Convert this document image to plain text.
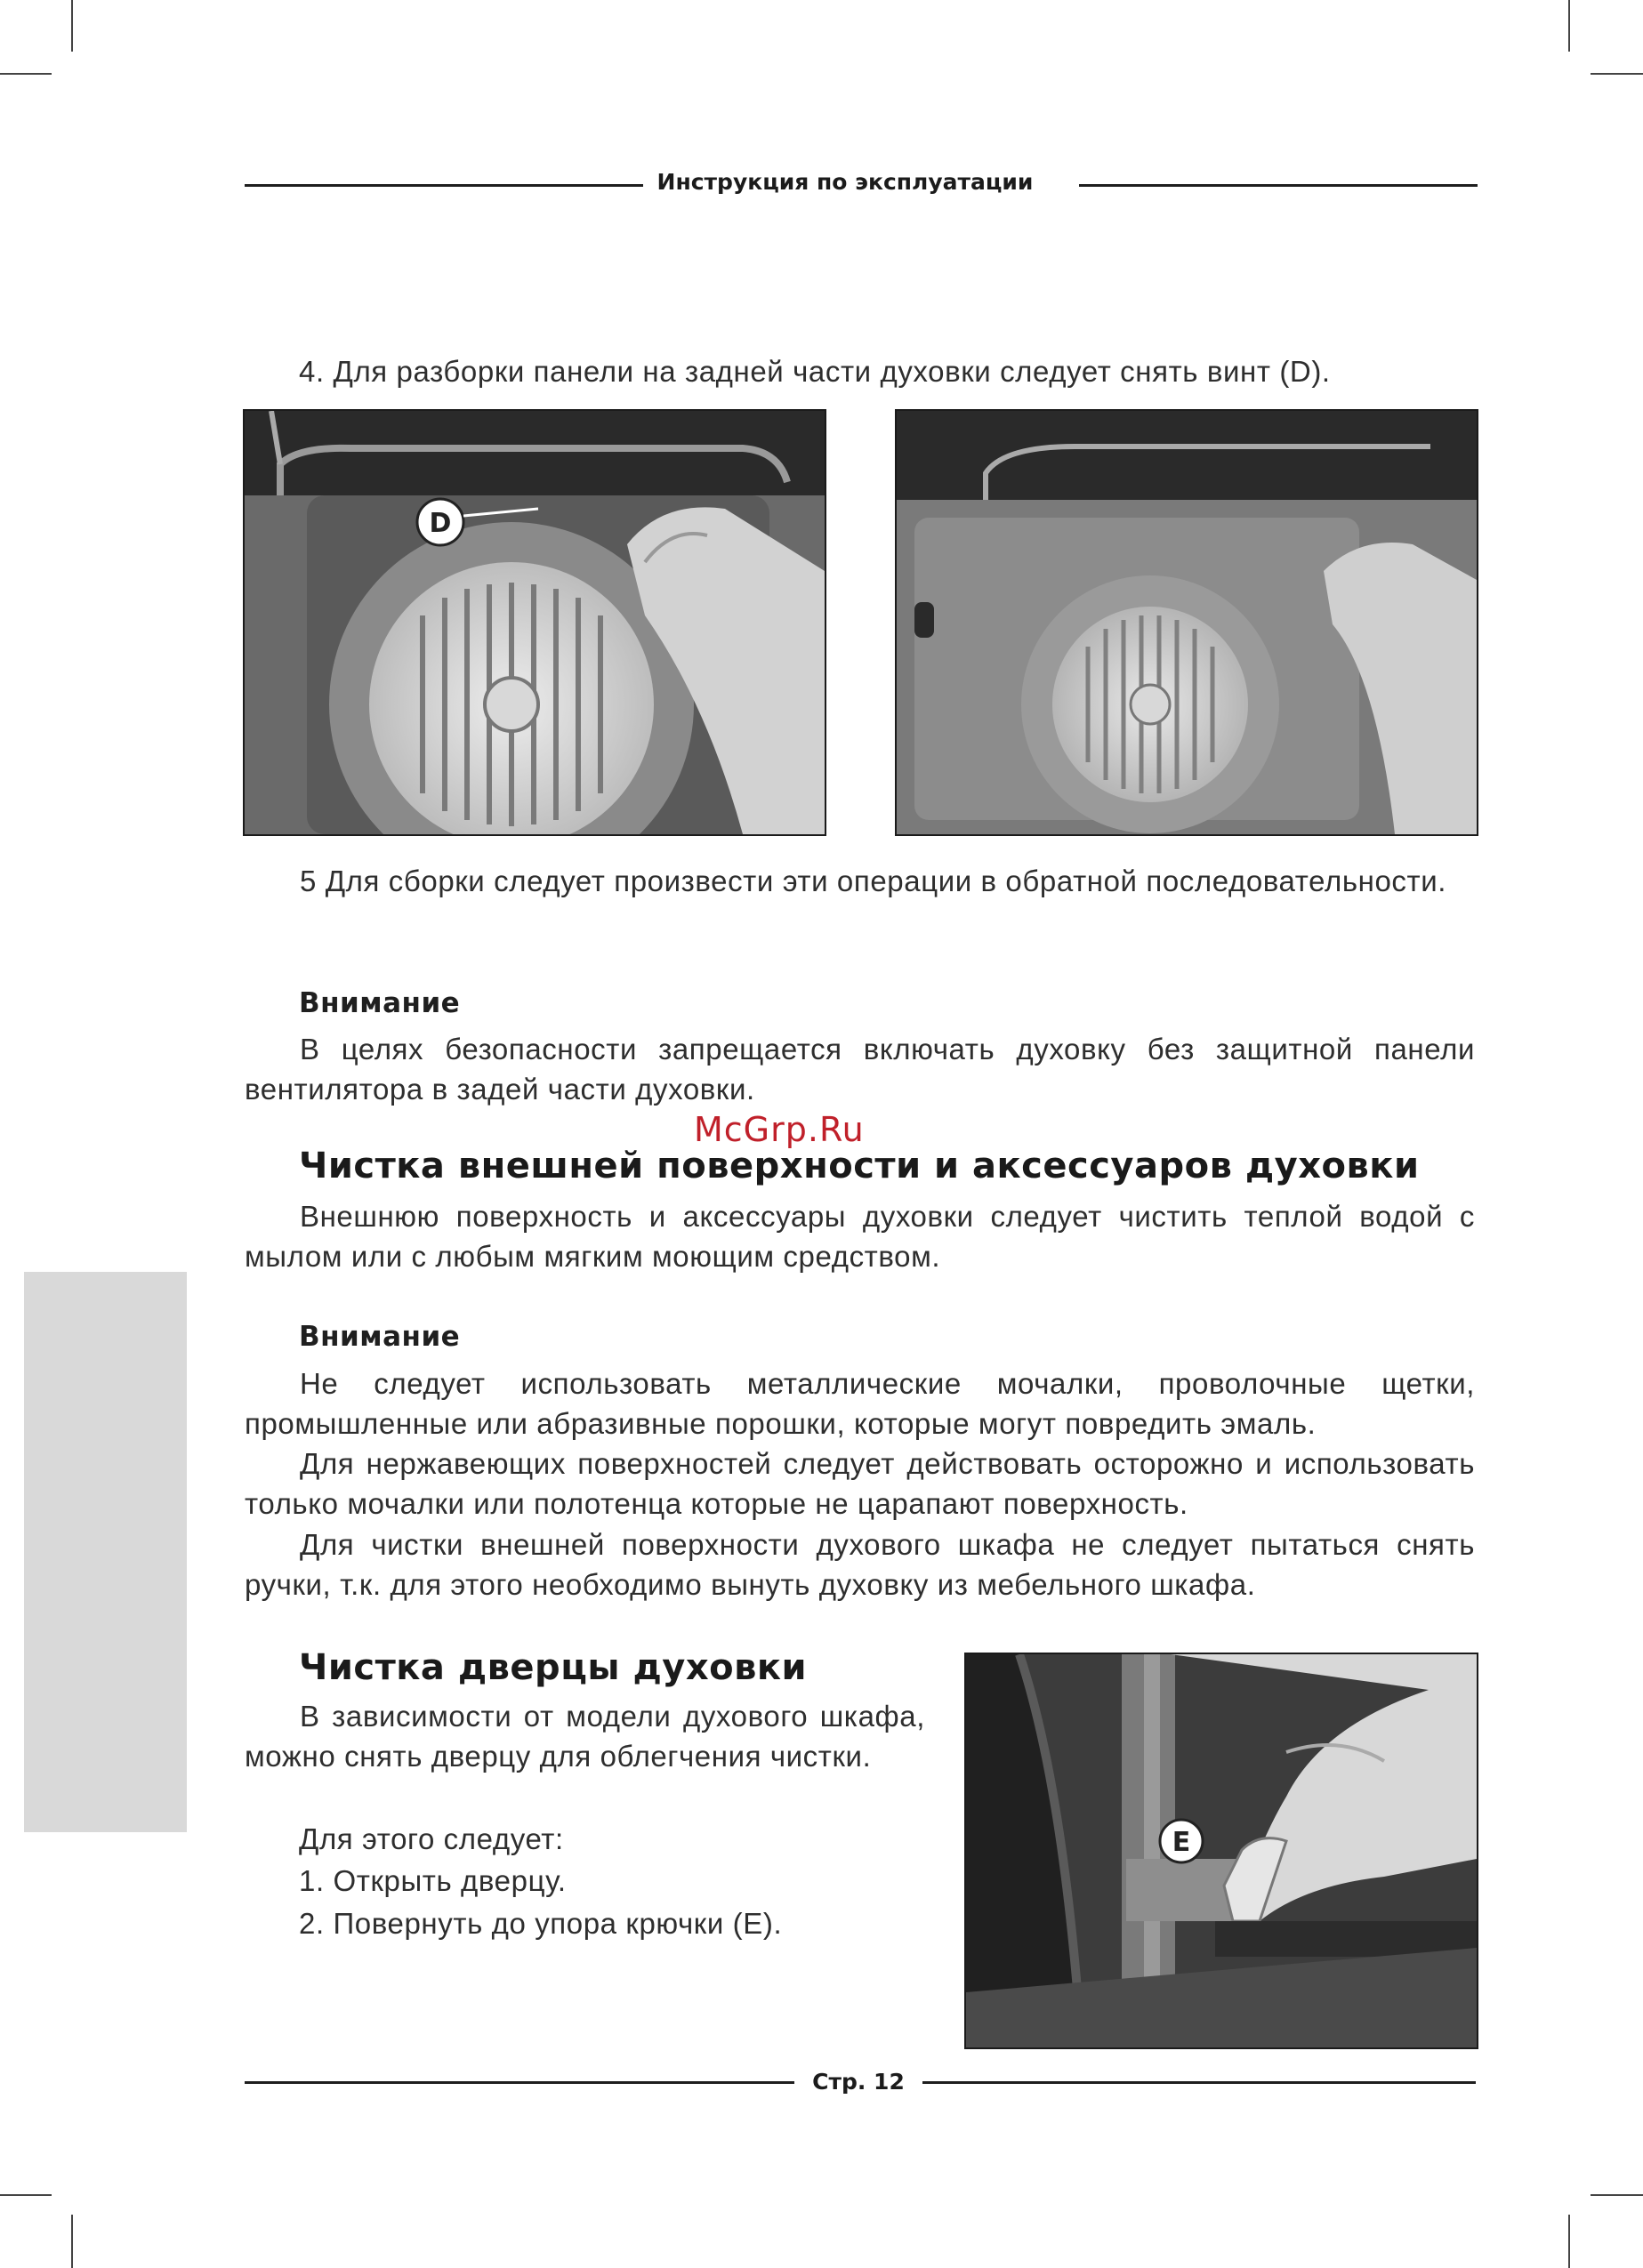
Инструкция по эксплуатации
4. Для разборки панели на задней части духовки следует снять винт (D).
D
5 Для сборки следует произвести эти операции в обратной последовательности.
Внимание
В целях безопасности запрещается включать духовку без защитной панели вентилятора в задей части духовки.
McGrp.Ru
Чистка внешней поверхности и аксессуаров духовки
Внешнюю поверхность и аксессуары духовки следует чистить теплой водой с мылом или с любым мягким моющим средством.
Внимание
Не следует использовать металлические мочалки, проволочные щетки, промышленные или абразивные порошки, которые могут повредить эмаль.
Для нержавеющих поверхностей следует действовать осторожно и использовать только мочалки или полотенца которые не царапают поверхность.
Для чистки внешней поверхности духового шкафа не следует пытаться снять ручки, т.к. для этого необходимо вынуть духовку из мебельного шкафа.
Чистка дверцы духовки
В зависимости от модели духового шкафа, можно снять дверцу для облегчения чистки.
Для этого следует:
1. Открыть дверцу.
2. Повернуть до упора крючки (E).
E
Стр. 12
